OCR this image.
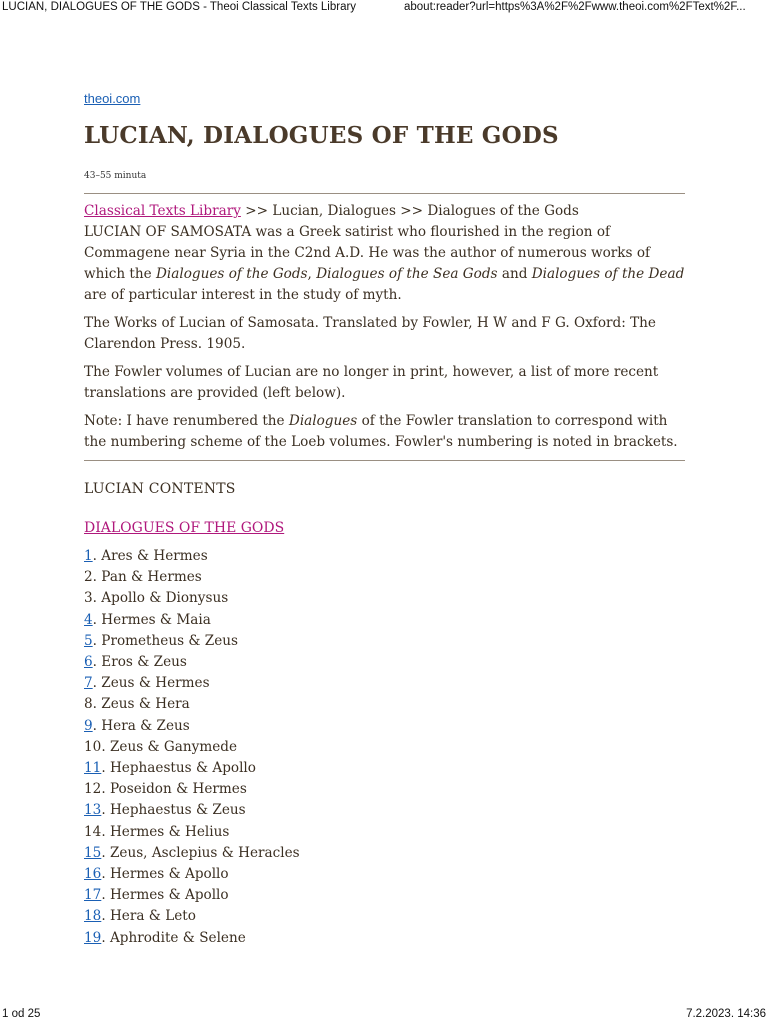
LUCIAN, DIALOGUES OF THE GODS - Theoi Classical Texts Library	about:reader?url=https%3A%2F%2Fwww.theoi.com%2FText%2F...
theoi.com
LUCIAN, DIALOGUES OF THE GODS
43–55 minuta

Classical Texts Library >> Lucian, Dialogues >> Dialogues of the Gods

LUCIAN OF SAMOSATA was a Greek satirist who flourished in the region of Commagene near Syria in the C2nd A.D. He was the author of numerous works of which the Dialogues of the Gods, Dialogues of the Sea Gods and Dialogues of the Dead are of particular interest in the study of myth.

The Works of Lucian of Samosata. Translated by Fowler, H W and F G. Oxford: The Clarendon Press. 1905.

The Fowler volumes of Lucian are no longer in print, however, a list of more recent translations are provided (left below).

Note: I have renumbered the Dialogues of the Fowler translation to correspond with the numbering scheme of the Loeb volumes. Fowler's numbering is noted in brackets.

LUCIAN CONTENTS
DIALOGUES OF THE GODS
1. Ares & Hermes
2. Pan & Hermes
3. Apollo & Dionysus
4. Hermes & Maia
5. Prometheus & Zeus
6. Eros & Zeus
7. Zeus & Hermes
8. Zeus & Hera
9. Hera & Zeus
10. Zeus & Ganymede
11. Hephaestus & Apollo
12. Poseidon & Hermes
13. Hephaestus & Zeus
14. Hermes & Helius
15. Zeus, Asclepius & Heracles
16. Hermes & Apollo
17. Hermes & Apollo
18. Hera & Leto
19. Aphrodite & Selene
1 od 25	7.2.2023. 14:36
